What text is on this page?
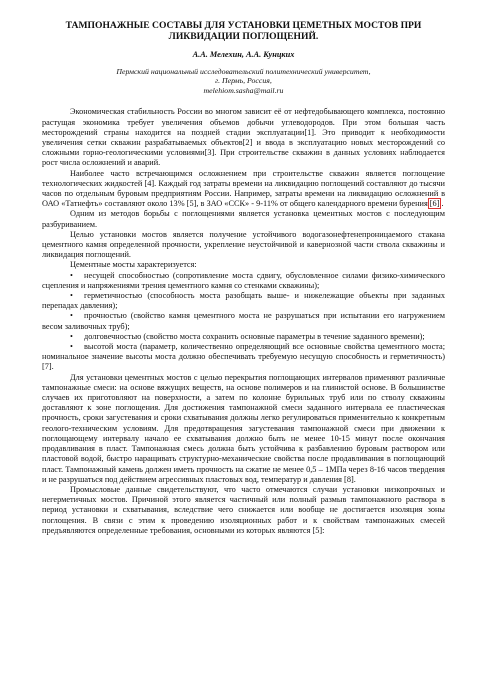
ТАМПОНАЖНЫЕ СОСТАВЫ ДЛЯ УСТАНОВКИ ЦЕМЕТНЫХ МОСТОВ ПРИ ЛИКВИДАЦИИ ПОГЛОЩЕНИЙ.
А.А. Мелехин, А.А. Кунцких
Пермский национальный исследовательский политехнический университет,
г. Пермь, Россия,
melehiom.sasha@mail.ru

Экономическая стабильность России во многом зависит её от нефтедобывающего комплекса, постоянно растущая экономика требует увеличения объемов добычи углеводородов. При этом большая часть месторождений страны находится на поздней стадии эксплуатации[1]. Это приводит к необходимости увеличения сетки скважин разрабатываемых объектов[2] и ввода в эксплуатацию новых месторождений со сложными горно-геологическими условиями[3]. При строительстве скважин в данных условиях наблюдается рост числа осложнений и аварий.

Наиболее часто встречающимся осложнением при строительстве скважин является поглощение технологических жидкостей [4]. Каждый год затраты времени на ликвидацию поглощений составляют до тысячи часов по отдельным буровым предприятиям России. Например, затраты времени на ликвидацию осложнений в ОАО «Татнефть» составляют около 13% [5], в ЗАО «ССК» - 9-11% от общего календарного времени бурения [6] .

Одним из методов борьбы с поглощениями является установка цементных мостов с последующим разбуриванием.

Целью установки мостов является получение устойчивого водогазонефтенепроницаемого стакана цементного камня определенной прочности, укрепление неустойчивой и кавернозной части ствола скважины и ликвидация поглощений.

Цементные мосты характеризуется:

• несущей способностью (сопротивление моста сдвигу, обусловленное силами физико-химического сцепления и напряжениями трения цементного камня со стенками скважины);

• герметичностью (способность моста разобщать выше- и нижележащие объекты при заданных перепадах давления);

• прочностью (свойство камня цементного моста не разрушаться при испытании его нагружением весом заливочных труб);

• долговечностью (свойство моста сохранить основные параметры в течение заданного времени);

• высотой моста (параметр, количественно определяющий все основные свойства цементного моста; номинальное значение высоты моста должно обеспечивать требуемую несущую способность и герметичность) [7].

Для установки цементных мостов с целью перекрытия поглощающих интервалов применяют различные тампонажные смеси: на основе вяжущих веществ, на основе полимеров и на глинистой основе. В большинстве случаев их приготовляют на поверхности, а затем по колонне бурильных труб или по стволу скважины доставляют к зоне поглощения. Для достижения тампонажной смеси заданного интервала ее пластическая прочность, сроки загустевания и сроки схватывания должны легко регулироваться применительно к конкретным геолого-техническим условиям. Для предотвращения загустевания тампонажной смеси при движении к поглощающему интервалу начало ее схватывания должно быть не менее 10-15 минут после окончания продавливания в пласт. Тампонажная смесь должна быть устойчива к разбавлению буровым раствором или пластовой водой, быстро наращивать структурно-механические свойства после продавливания в поглощающий пласт. Тампонажный камень должен иметь прочность на сжатие не менее 0,5 – 1МПа через 8-16 часов твердения и не разрушаться под действием агрессивных пластовых вод, температур и давления [8].

Промысловые данные свидетельствуют, что часто отмечаются случаи установки низкопрочных и негерметичных мостов. Причиной этого является частичный или полный размыв тампонажного раствора в период установки и схватывания, вследствие чего снижается или вообще не достигается изоляция зоны поглощения. В связи с этим к проведению изоляционных работ и к свойствам тампонажных смесей предъявляются определенные требования, основными из которых являются [5]:
